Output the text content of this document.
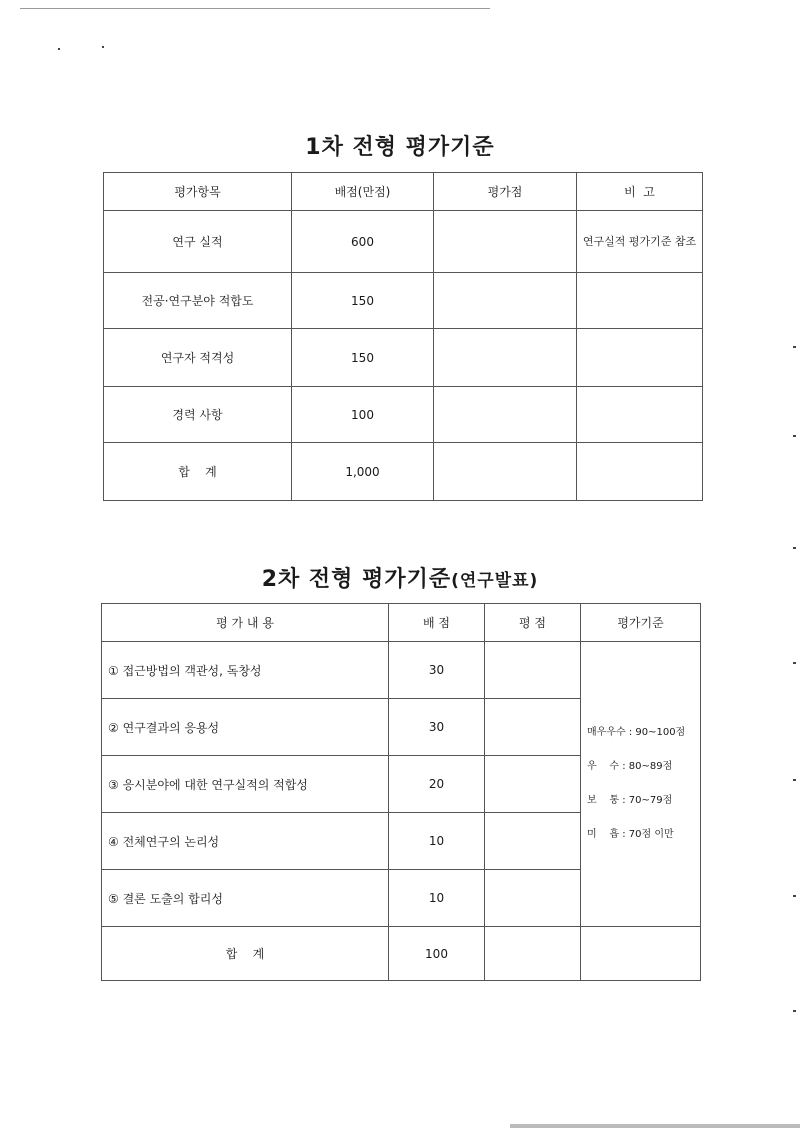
1차 전형 평가기준
평가항목	배점(만점)	평가점	비  고
연구 실적	600		연구실적 평가기준 참조
전공·연구분야 적합도	150		
연구자 적격성	150		
경력 사항	100		
합    계	1,000		
2차 전형 평가기준(연구발표)
평 가 내 용	배 점	평 점	평가기준
① 접근방법의 객관성, 독창성	30		매우우수 : 90~100점
우    수 : 80~89점
보    통 : 70~79점
미    흡 : 70점 이만

② 연구결과의 응용성	30		
③ 응시분야에 대한 연구실적의 적합성	20		
④ 전체연구의 논리성	10		
⑤ 결론 도출의 합리성	10		
합    계	100		
